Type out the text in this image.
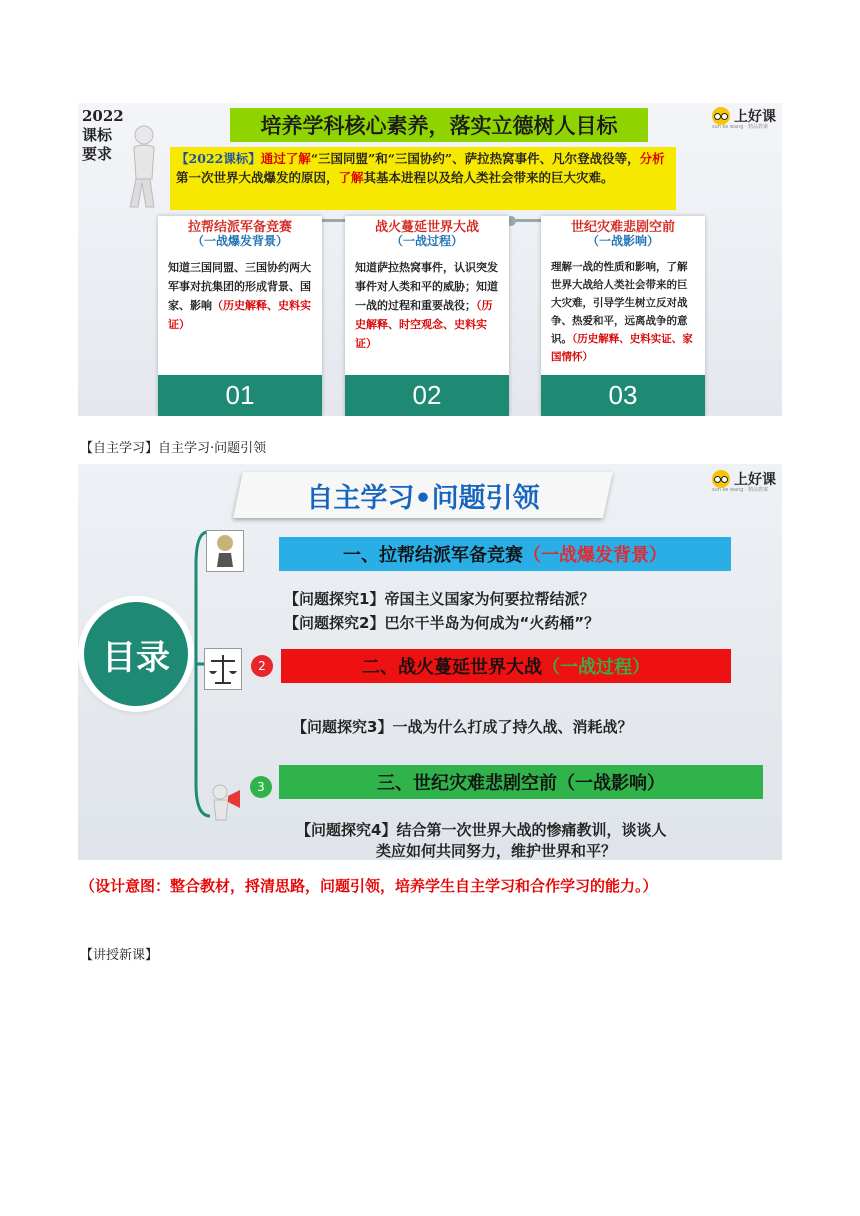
2022
课标
要求
培养学科核心素养，落实立德树人目标	上好课
sun ke wang · 精品教案
【2022课标】通过了解“三国同盟”和“三国协约”、萨拉热窝事件、凡尔登战役等，分析第一次世界大战爆发的原因，了解其基本进程以及给人类社会带来的巨大灾难。
拉帮结派军备竞赛
（一战爆发背景）
知道三国同盟、三国协约两大军事对抗集团的形成背景、国家、影响（历史解释、史料实证）
01
战火蔓延世界大战
（一战过程）
知道萨拉热窝事件，认识突发事件对人类和平的威胁；知道一战的过程和重要战役；（历史解释、时空观念、史料实证）
02
世纪灾难悲剧空前
（一战影响）
理解一战的性质和影响，了解世界大战给人类社会带来的巨大灾难，引导学生树立反对战争、热爱和平，远离战争的意识。（历史解释、史料实证、家国情怀）
03
【自主学习】自主学习·问题引领
自主学习•问题引领
上好课
sun ke wang · 精品教案
目录	2
3
一、拉帮结派军备竞赛 （一战爆发背景）
【问题探究1】帝国主义国家为何要拉帮结派？
【问题探究2】巴尔干半岛为何成为“火药桶”？
二、战火蔓延世界大战 （一战过程）
【问题探究3】一战为什么打成了持久战、消耗战？
三、世纪灾难悲剧空前（一战影响）
【问题探究4】结合第一次世界大战的惨痛教训，谈谈人
类应如何共同努力，维护世界和平？
（设计意图：整合教材，捋清思路，问题引领，培养学生自主学习和合作学习的能力。）
【讲授新课】
